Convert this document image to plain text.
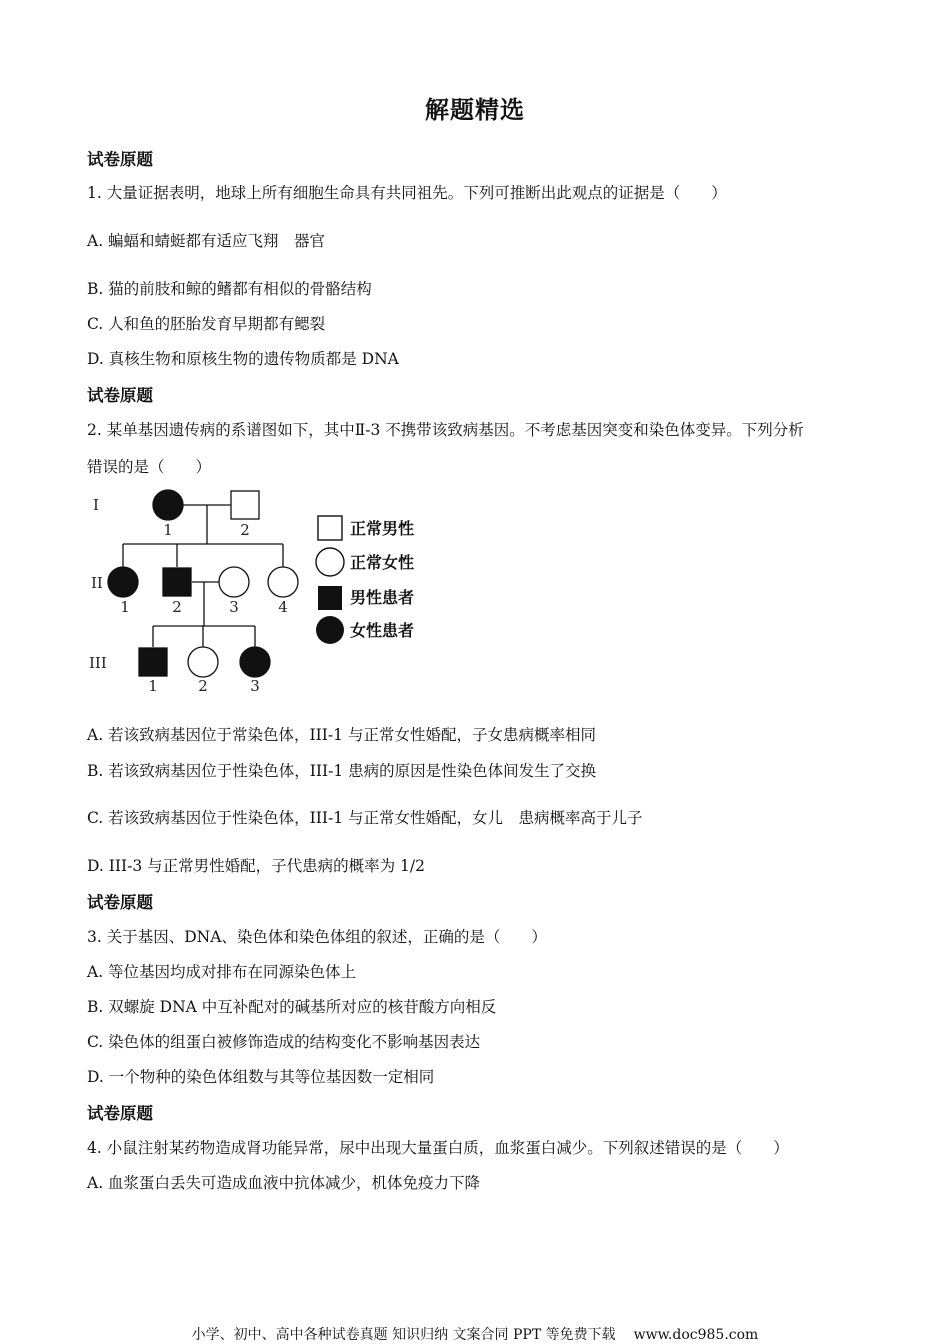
解题精选
试卷原题
1. 大量证据表明，地球上所有细胞生命具有共同祖先。下列可推断出此观点的证据是（　　）
A. 蝙蝠和蜻蜓都有适应飞翔　器官
B. 猫的前肢和鲸的鳍都有相似的骨骼结构
C. 人和鱼的胚胎发育早期都有鳃裂
D. 真核生物和原核生物的遗传物质都是 DNA
试卷原题
2. 某单基因遗传病的系谱图如下，其中Ⅱ-3 不携带该致病基因。不考虑基因突变和染色体变异。下列分析
错误的是（　　）
I
II
III
1	2
1	2	3	4
1	2	3
正常男性
正常女性
男性患者
女性患者
A. 若该致病基因位于常染色体，III-1 与正常女性婚配，子女患病概率相同
B. 若该致病基因位于性染色体，III-1 患病的原因是性染色体间发生了交换
C. 若该致病基因位于性染色体，III-1 与正常女性婚配，女儿　患病概率高于儿子
D. III-3 与正常男性婚配，子代患病的概率为 1/2
试卷原题
3. 关于基因、DNA、染色体和染色体组的叙述，正确的是（　　）
A. 等位基因均成对排布在同源染色体上
B. 双螺旋 DNA 中互补配对的碱基所对应的核苷酸方向相反
C. 染色体的组蛋白被修饰造成的结构变化不影响基因表达
D. 一个物种的染色体组数与其等位基因数一定相同
试卷原题
4. 小鼠注射某药物造成肾功能异常，尿中出现大量蛋白质，血浆蛋白减少。下列叙述错误的是（　　）
A. 血浆蛋白丢失可造成血液中抗体减少，机体免疫力下降
小学、初中、高中各种试卷真题 知识归纳 文案合同 PPT 等免费下载 www.doc985.com
